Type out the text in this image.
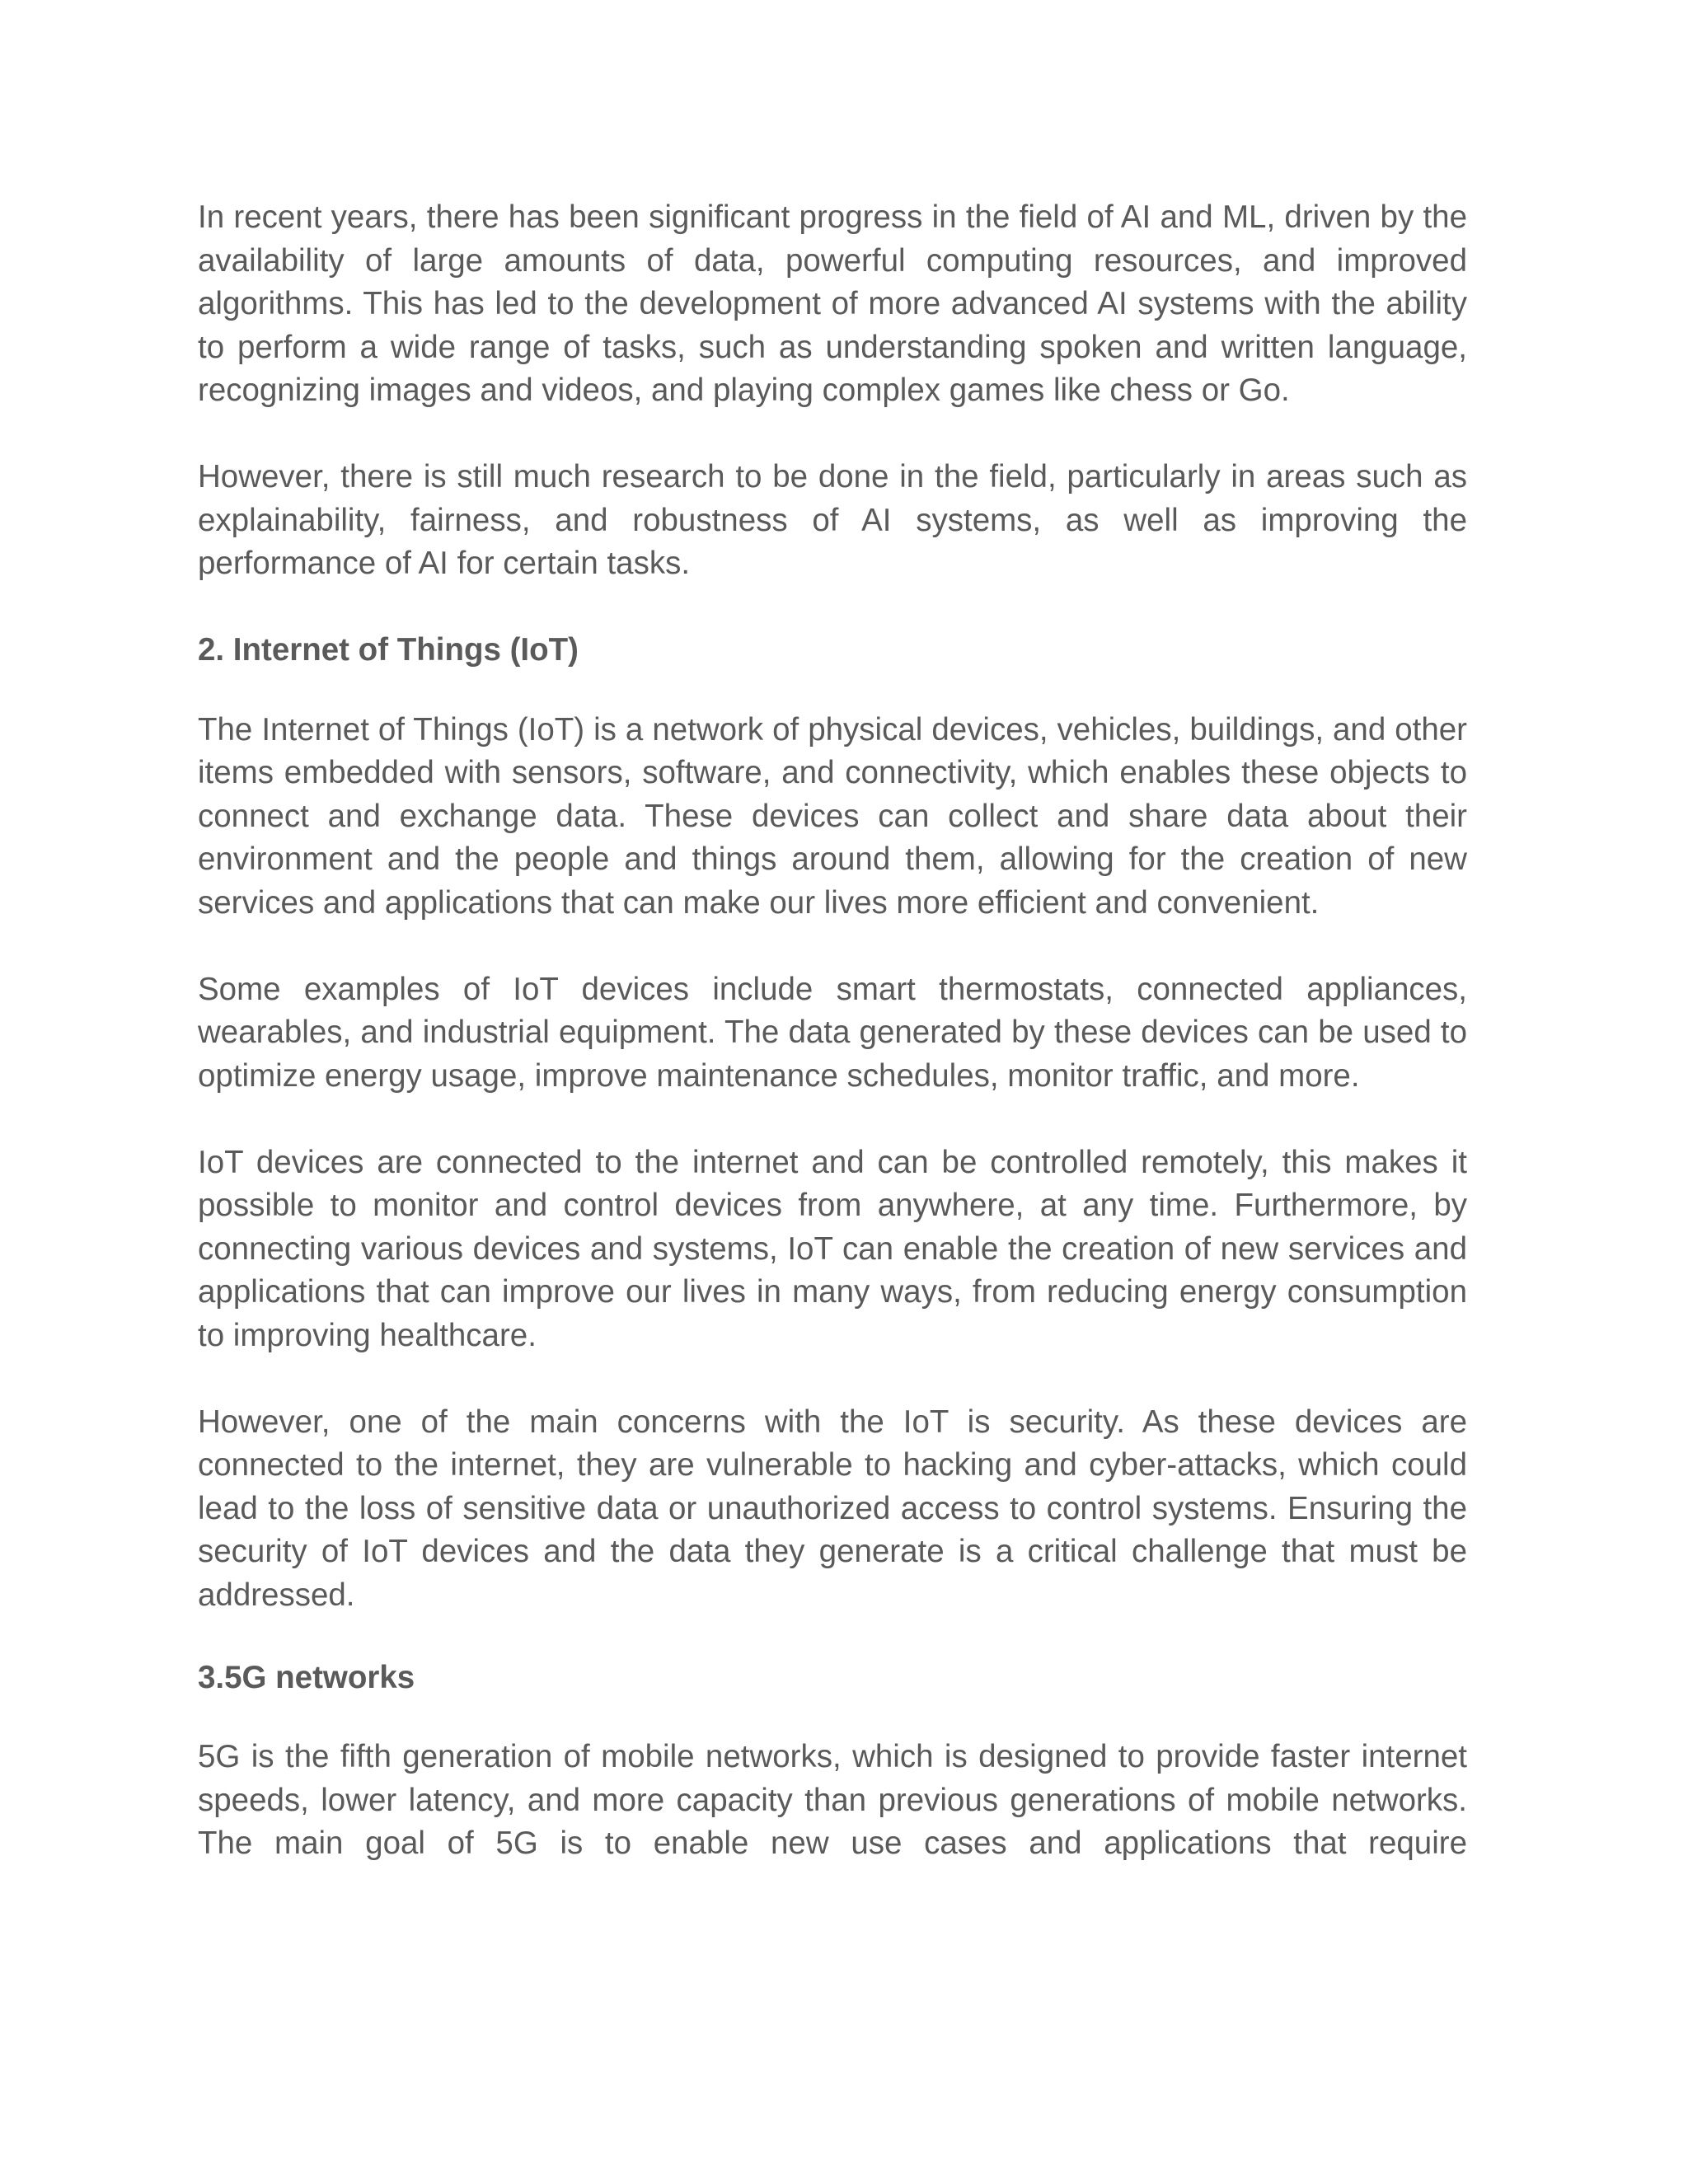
In recent years, there has been significant progress in the field of AI and ML, driven by the availability of large amounts of data, powerful computing resources, and improved algorithms. This has led to the development of more advanced AI systems with the ability to perform a wide range of tasks, such as understanding spoken and written language, recognizing images and videos, and playing complex games like chess or Go.

However, there is still much research to be done in the field, particularly in areas such as explainability, fairness, and robustness of AI systems, as well as improving the performance of AI for certain tasks.

2. Internet of Things (IoT)

The Internet of Things (IoT) is a network of physical devices, vehicles, buildings, and other items embedded with sensors, software, and connectivity, which enables these objects to connect and exchange data. These devices can collect and share data about their environment and the people and things around them, allowing for the creation of new services and applications that can make our lives more efficient and convenient.

Some examples of IoT devices include smart thermostats, connected appliances, wearables, and industrial equipment. The data generated by these devices can be used to optimize energy usage, improve maintenance schedules, monitor traffic, and more.

IoT devices are connected to the internet and can be controlled remotely, this makes it possible to monitor and control devices from anywhere, at any time. Furthermore, by connecting various devices and systems, IoT can enable the creation of new services and applications that can improve our lives in many ways, from reducing energy consumption to improving healthcare.

However, one of the main concerns with the IoT is security. As these devices are connected to the internet, they are vulnerable to hacking and cyber-attacks, which could lead to the loss of sensitive data or unauthorized access to control systems. Ensuring the security of IoT devices and the data they generate is a critical challenge that must be addressed.

3.5G networks

5G is the fifth generation of mobile networks, which is designed to provide faster internet speeds, lower latency, and more capacity than previous generations of mobile networks. The main goal of 5G is to enable new use cases and applications that require
